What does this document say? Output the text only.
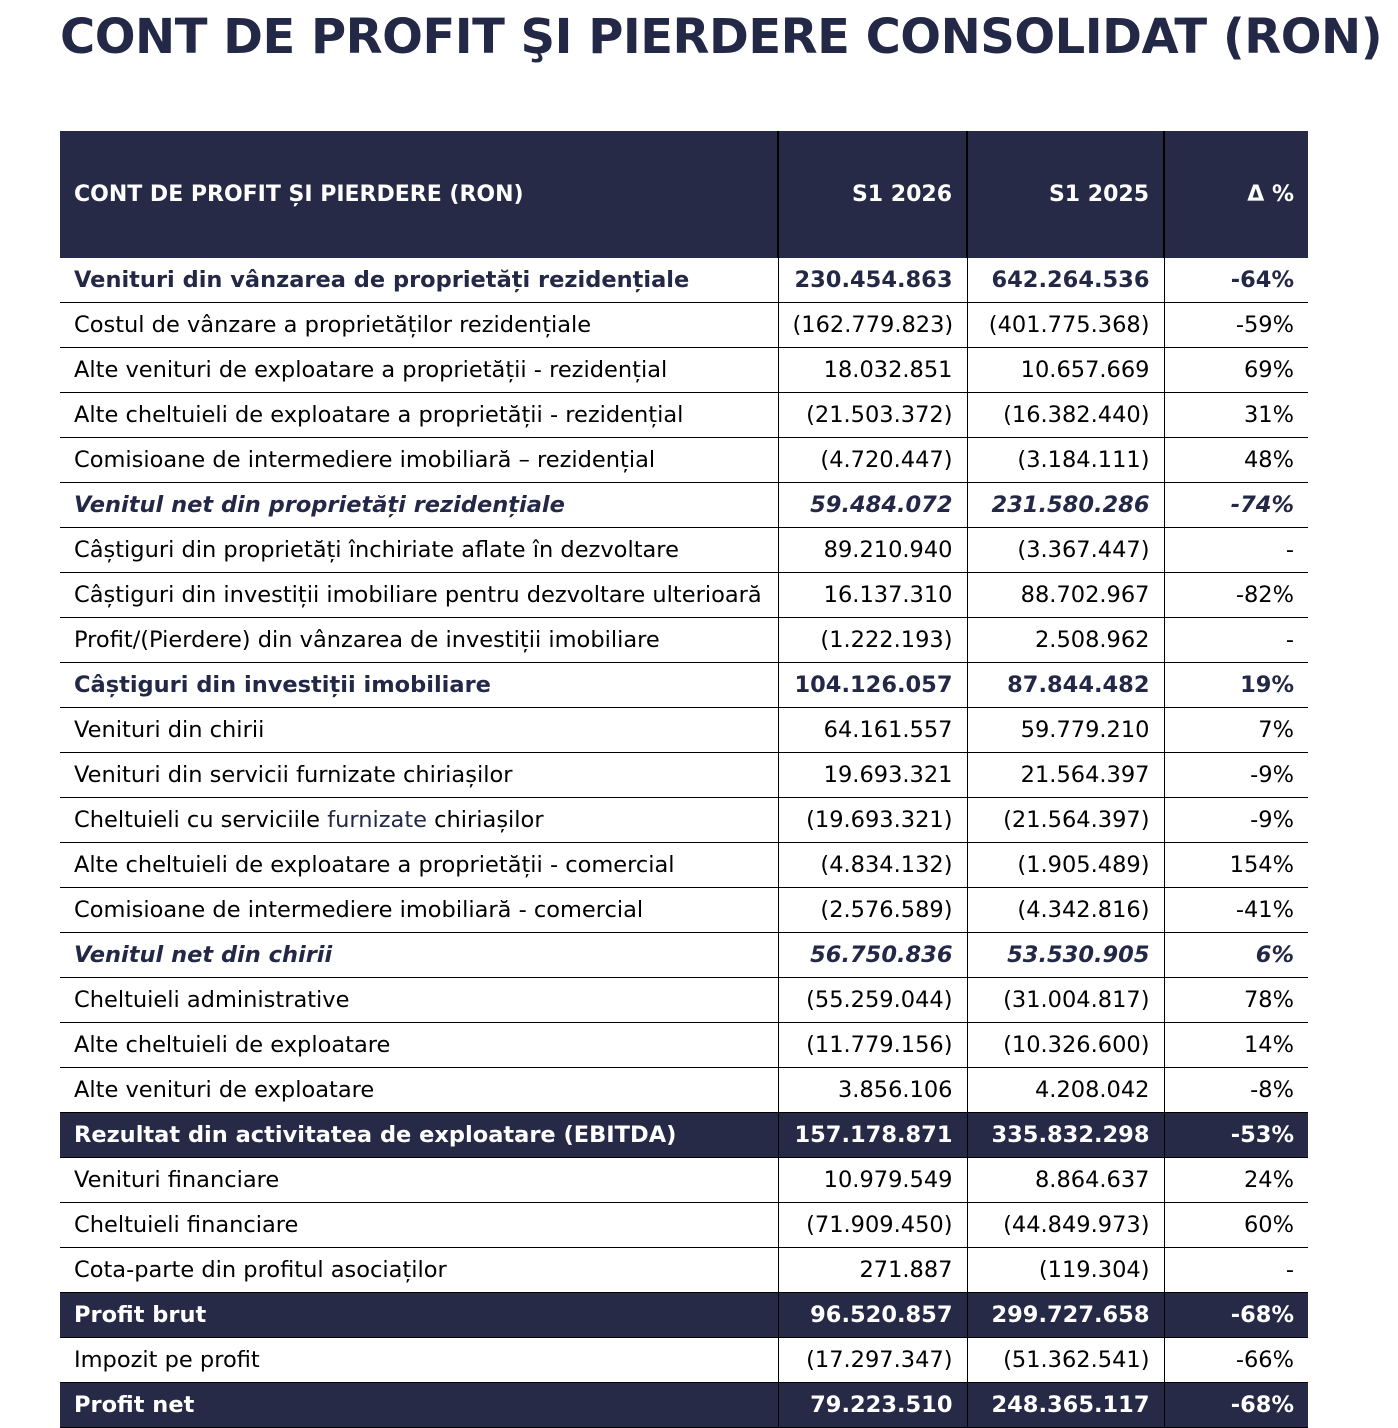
CONT DE PROFIT ŞI PIERDERE CONSOLIDAT (RON)
CONT DE PROFIT ȘI PIERDERE (RON)	S1 2026	S1 2025	Δ %
Venituri din vânzarea de proprietăți rezidențiale	230.454.863	642.264.536	-64%
Costul de vânzare a proprietăților rezidențiale	(162.779.823)	(401.775.368)	-59%
Alte venituri de exploatare a proprietății - rezidențial	18.032.851	10.657.669	69%
Alte cheltuieli de exploatare a proprietății - rezidențial	(21.503.372)	(16.382.440)	31%
Comisioane de intermediere imobiliară – rezidențial	(4.720.447)	(3.184.111)	48%
Venitul net din proprietăți rezidențiale	59.484.072	231.580.286	-74%
Câștiguri din proprietăți închiriate aflate în dezvoltare	89.210.940	(3.367.447)	-
Câștiguri din investiții imobiliare pentru dezvoltare ulterioară	16.137.310	88.702.967	-82%
Profit/(Pierdere) din vânzarea de investiții imobiliare	(1.222.193)	2.508.962	-
Câștiguri din investiții imobiliare	104.126.057	87.844.482	19%
Venituri din chirii	64.161.557	59.779.210	7%
Venituri din servicii furnizate chiriașilor	19.693.321	21.564.397	-9%
Cheltuieli cu serviciile furnizate chiriașilor	(19.693.321)	(21.564.397)	-9%
Alte cheltuieli de exploatare a proprietății - comercial	(4.834.132)	(1.905.489)	154%
Comisioane de intermediere imobiliară - comercial	(2.576.589)	(4.342.816)	-41%
Venitul net din chirii	56.750.836	53.530.905	6%
Cheltuieli administrative	(55.259.044)	(31.004.817)	78%
Alte cheltuieli de exploatare	(11.779.156)	(10.326.600)	14%
Alte venituri de exploatare	3.856.106	4.208.042	-8%
Rezultat din activitatea de exploatare (EBITDA)	157.178.871	335.832.298	-53%
Venituri financiare	10.979.549	8.864.637	24%
Cheltuieli financiare	(71.909.450)	(44.849.973)	60%
Cota-parte din profitul asociaților	271.887	(119.304)	-
Profit brut	96.520.857	299.727.658	-68%
Impozit pe profit	(17.297.347)	(51.362.541)	-66%
Profit net	79.223.510	248.365.117	-68%
